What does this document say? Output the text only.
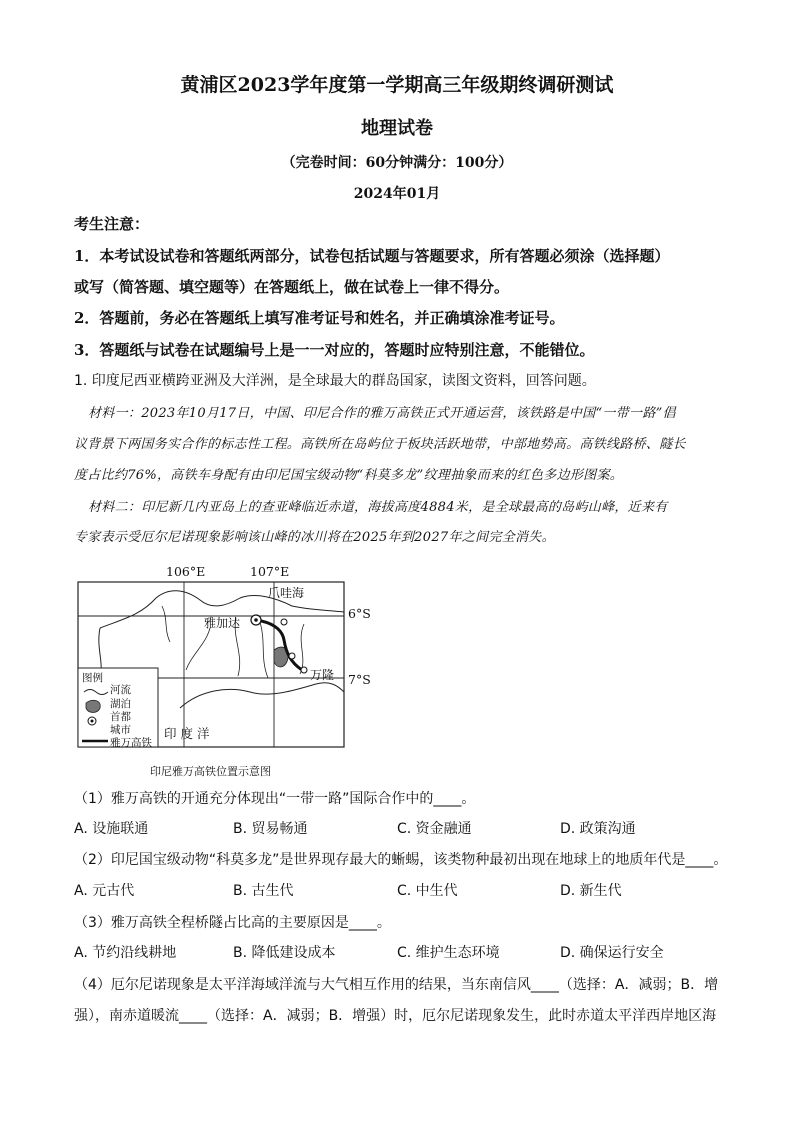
黄浦区2023学年度第一学期高三年级期终调研测试
地理试卷
（完卷时间：60分钟满分：100分）
2024年01月
考生注意：
1．本考试设试卷和答题纸两部分，试卷包括试题与答题要求，所有答题必须涂（选择题）
或写（简答题、填空题等）在答题纸上，做在试卷上一律不得分。
2．答题前，务必在答题纸上填写准考证号和姓名，并正确填涂准考证号。
3．答题纸与试卷在试题编号上是一一对应的，答题时应特别注意，不能错位。
1. 印度尼西亚横跨亚洲及大洋洲，是全球最大的群岛国家，读图文资料，回答问题。
材料一：2023年10月17日，中国、印尼合作的雅万高铁正式开通运营，该铁路是中国“一带一路”倡
议背景下两国务实合作的标志性工程。高铁所在岛屿位于板块活跃地带，中部地势高。高铁线路桥、隧长
度占比约76%，高铁车身配有由印尼国宝级动物“科莫多龙”纹理抽象而来的红色多边形图案。
材料二：印尼新几内亚岛上的查亚峰临近赤道，海拔高度4884米，是全球最高的岛屿山峰，近来有
专家表示受厄尔尼诺现象影响该山峰的冰川将在2025年到2027年之间完全消失。
106°E	107°E
6°S
7°S
爪哇海
雅加达
万隆
印 度 洋
图例
河流
湖泊
首都
城市
雅万高铁
印尼雅万高铁位置示意图
（1）雅万高铁的开通充分体现出“一带一路”国际合作中的____。
A. 设施联通	B. 贸易畅通	C. 资金融通	D. 政策沟通
（2）印尼国宝级动物“科莫多龙”是世界现存最大的蜥蜴，该类物种最初出现在地球上的地质年代是____。
A. 元古代	B. 古生代	C. 中生代	D. 新生代
（3）雅万高铁全程桥隧占比高的主要原因是____。
A. 节约沿线耕地	B. 降低建设成本	C. 维护生态环境	D. 确保运行安全
（4）厄尔尼诺现象是太平洋海域洋流与大气相互作用的结果，当东南信风____（选择：A．减弱；B．增
强），南赤道暖流____（选择：A．减弱；B．增强）时，厄尔尼诺现象发生，此时赤道太平洋西岸地区海
